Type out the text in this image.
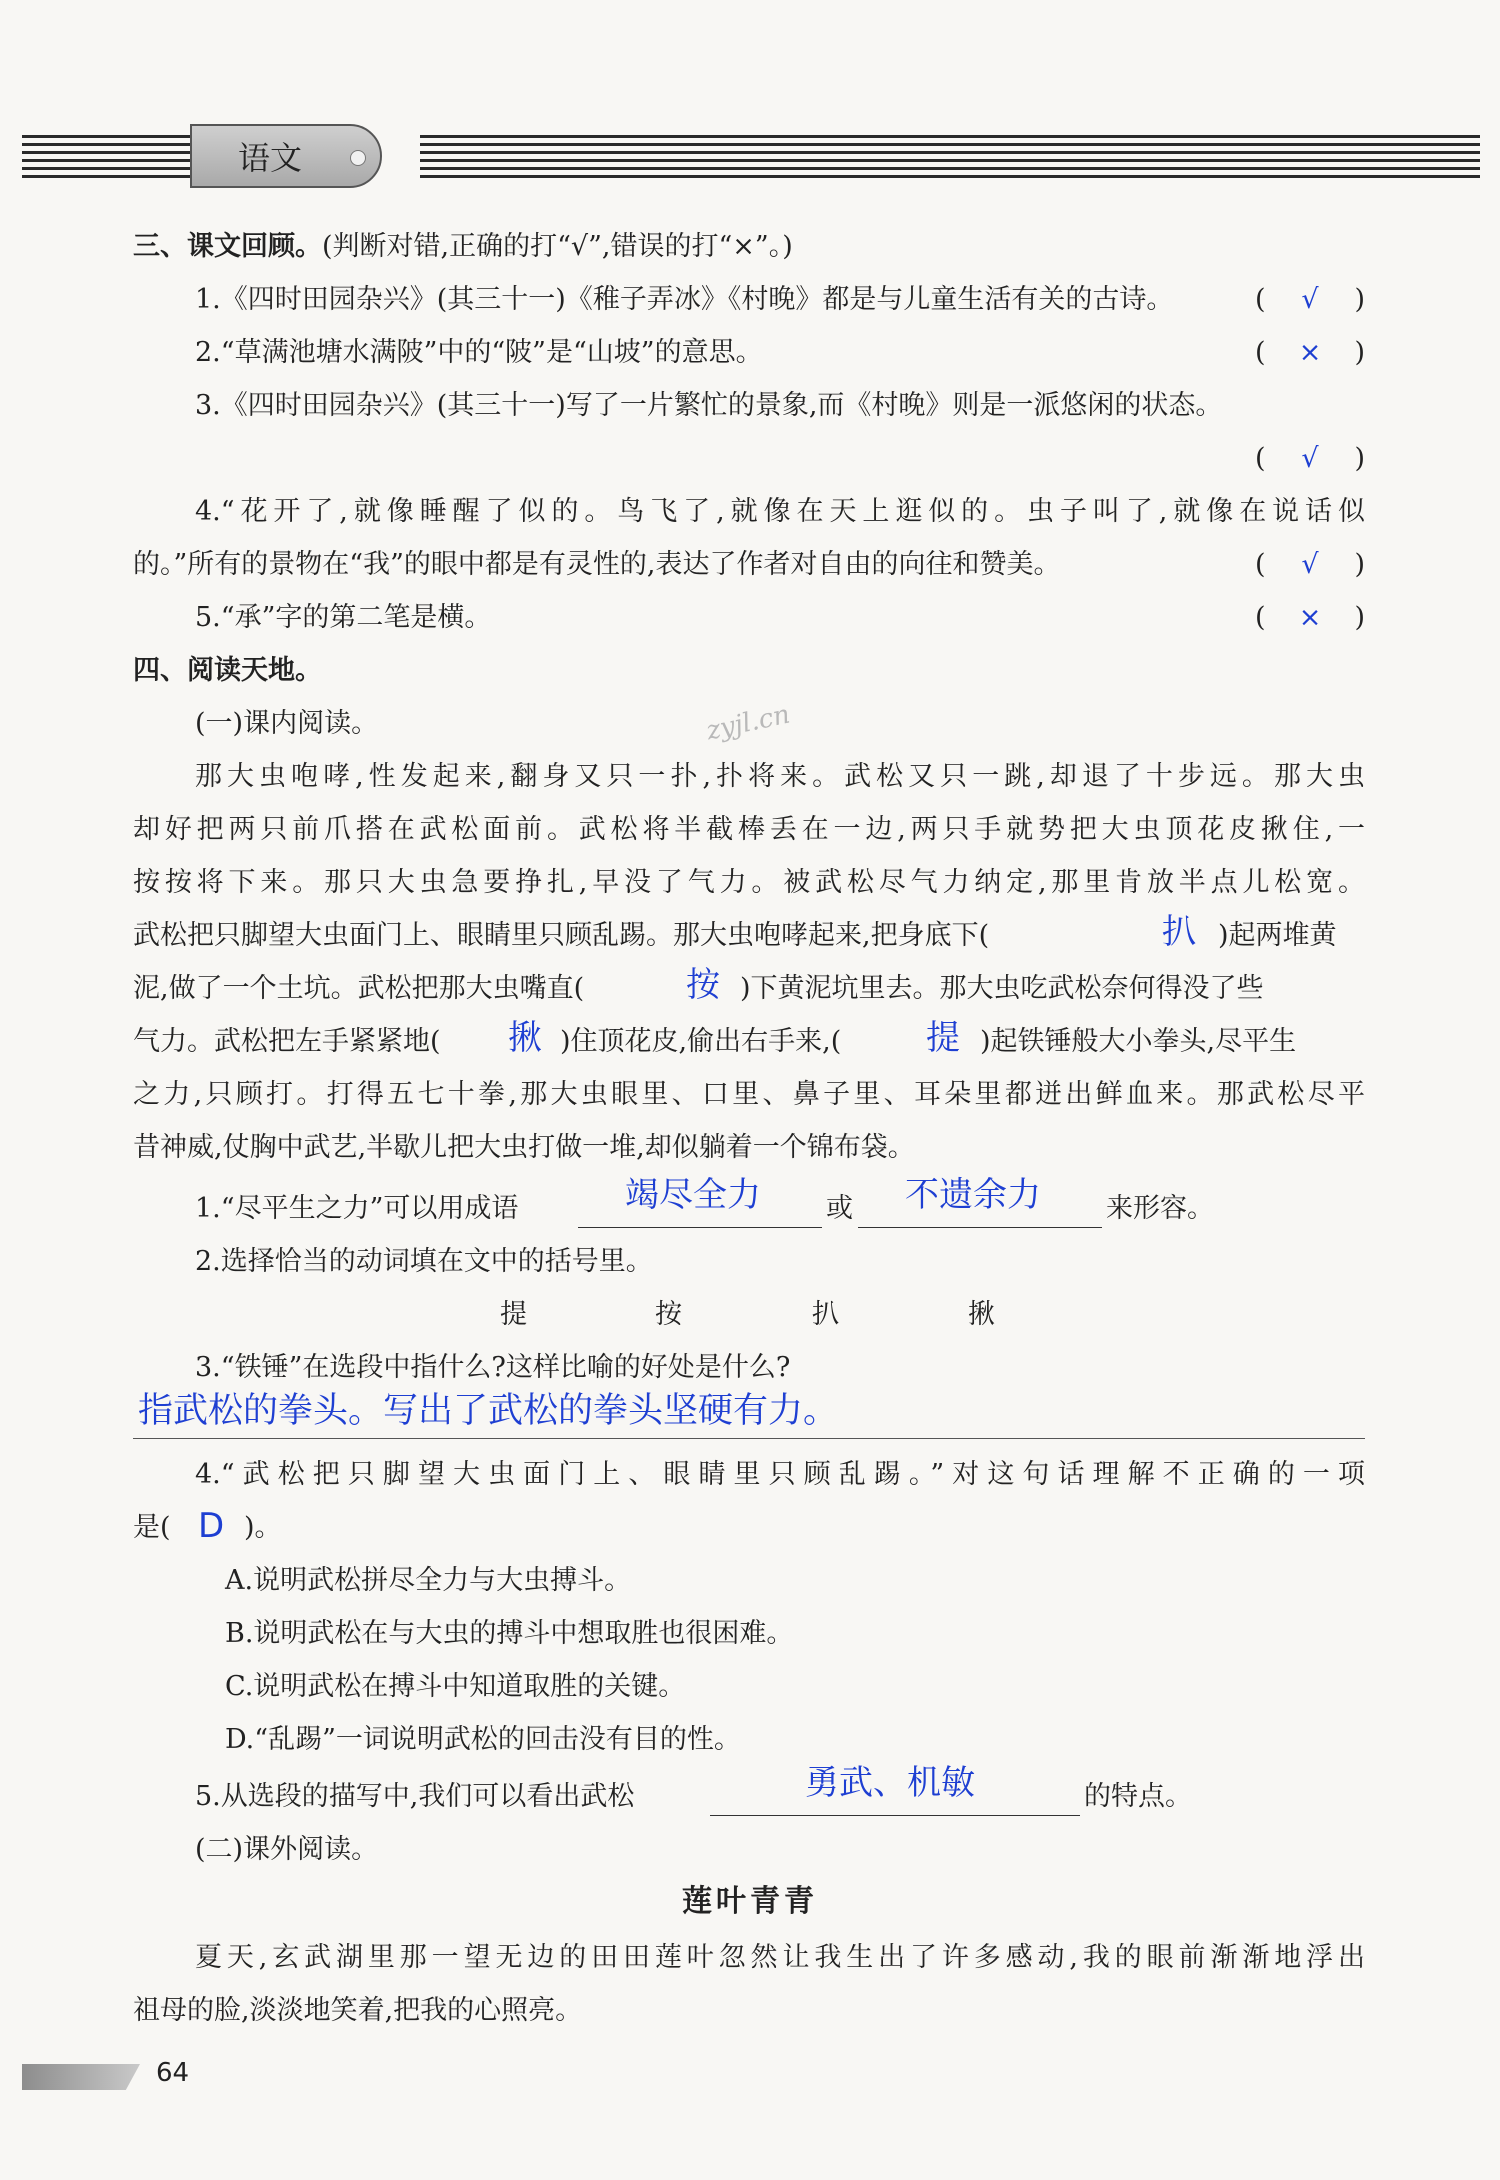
语文
三、课文回顾。(判断对错,正确的打“√”,错误的打“×”。)
1.《四时田园杂兴》(其三十一)《稚子弄冰》《村晚》都是与儿童生活有关的古诗。	( √ )
2.“草满池塘水满陂”中的“陂”是“山坡”的意思。	( × )
3.《四时田园杂兴》(其三十一)写了一片繁忙的景象,而《村晚》则是一派悠闲的状态。
( √ )
4.“花开了,就像睡醒了似的。鸟飞了,就像在天上逛似的。虫子叫了,就像在说话似
的。”所有的景物在“我”的眼中都是有灵性的,表达了作者对自由的向往和赞美。	( √ )
5.“承”字的第二笔是横。	( × )
四、阅读天地。
(一)课内阅读。	zyjl.cn
那大虫咆哮,性发起来,翻身又只一扑,扑将来。武松又只一跳,却退了十步远。那大虫
却好把两只前爪搭在武松面前。武松将半截棒丢在一边,两只手就势把大虫顶花皮揪住,一
按按将下来。那只大虫急要挣扎,早没了气力。被武松尽气力纳定,那里肯放半点儿松宽。
武松把只脚望大虫面门上、眼睛里只顾乱踢。那大虫咆哮起来,把身底下(	扒 )起两堆黄
泥,做了一个土坑。武松把那大虫嘴直(	按 )下黄泥坑里去。那大虫吃武松奈何得没了些
气力。武松把左手紧紧地( 揪 )住顶花皮,偷出右手来,( 提 )起铁锤般大小拳头,尽平生
之力,只顾打。打得五七十拳,那大虫眼里、口里、鼻子里、耳朵里都迸出鲜血来。那武松尽平
昔神威,仗胸中武艺,半歇儿把大虫打做一堆,却似躺着一个锦布袋。
1.“尽平生之力”可以用成语	竭尽全力 或 不遗余力 来形容。
2.选择恰当的动词填在文中的括号里。
提	按	扒	揪
3.“铁锤”在选段中指什么?这样比喻的好处是什么?
指武松的拳头。写出了武松的拳头坚硬有力。
4.“武松把只脚望大虫面门上、眼睛里只顾乱踢。”对这句话理解不正确的一项
是( D )。
A.说明武松拼尽全力与大虫搏斗。
B.说明武松在与大虫的搏斗中想取胜也很困难。
C.说明武松在搏斗中知道取胜的关键。
D.“乱踢”一词说明武松的回击没有目的性。
5.从选段的描写中,我们可以看出武松	勇武、机敏	的特点。
(二)课外阅读。
莲叶青青
夏天,玄武湖里那一望无边的田田莲叶忽然让我生出了许多感动,我的眼前渐渐地浮出
祖母的脸,淡淡地笑着,把我的心照亮。
64
